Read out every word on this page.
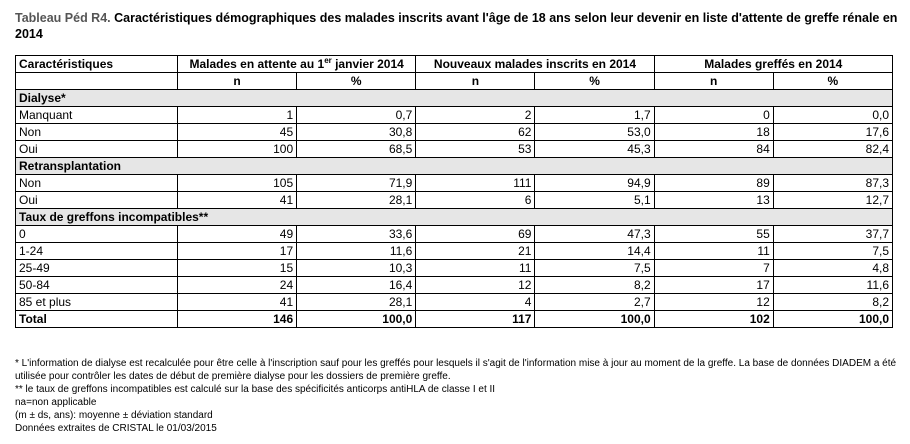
Tableau Péd R4. Caractéristiques démographiques des malades inscrits avant l'âge de 18 ans selon leur devenir en liste d'attente de greffe rénale en 2014
Caractéristiques	Malades en attente au 1er janvier 2014		Nouveaux malades inscrits en 2014		Malades greffés en 2014	
	n	%	n	%	n	%
Dialyse*						
Manquant	1	0,7	2	1,7	0	0,0
Non	45	30,8	62	53,0	18	17,6
Oui	100	68,5	53	45,3	84	82,4
Retransplantation						
Non	105	71,9	111	94,9	89	87,3
Oui	41	28,1	6	5,1	13	12,7
Taux de greffons incompatibles**						
0	49	33,6	69	47,3	55	37,7
1-24	17	11,6	21	14,4	11	7,5
25-49	15	10,3	11	7,5	7	4,8
50-84	24	16,4	12	8,2	17	11,6
85 et plus	41	28,1	4	2,7	12	8,2
Total	146	100,0	117	100,0	102	100,0
* L'information de dialyse est recalculée pour être celle à l'inscription sauf pour les greffés pour lesquels il s'agit de l'information mise à jour au moment de la greffe. La base de données DIADEM a été utilisée pour contrôler les dates de début de première dialyse pour les dossiers de première greffe.
** le taux de greffons incompatibles est calculé sur la base des spécificités anticorps antiHLA de classe I et II
na=non applicable
(m ± ds, ans): moyenne ± déviation standard
Données extraites de CRISTAL le 01/03/2015
